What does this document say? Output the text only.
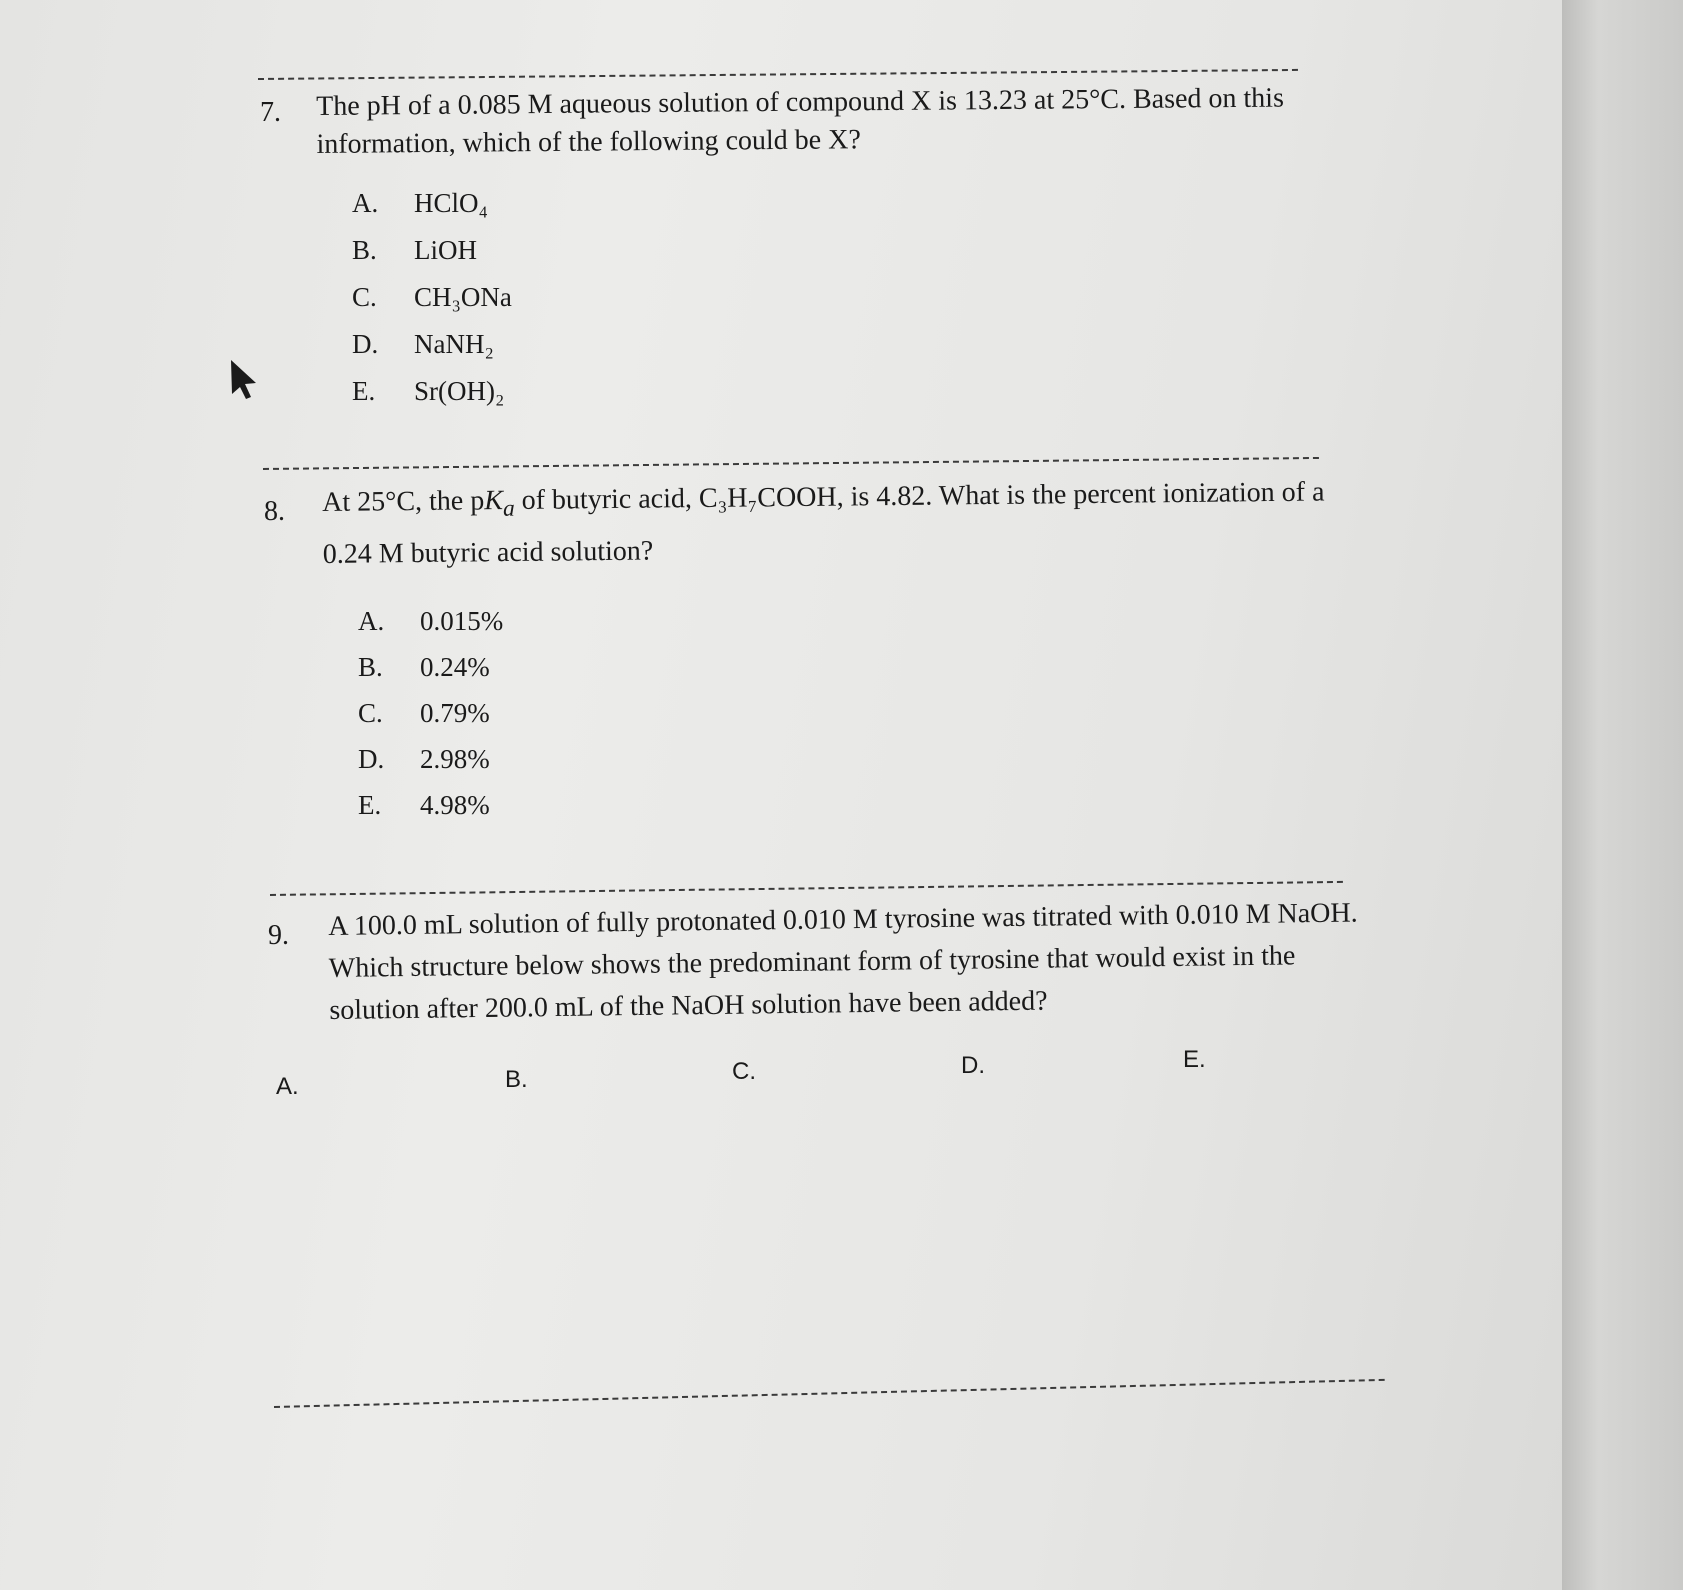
7. The pH of a 0.085 M aqueous solution of compound X is 13.23 at 25°C. Based on this
information, which of the following could be X?
A. HClO₄
B. LiOH
C. CH₃ONa
D. NaNH₂
E. Sr(OH)₂
8. At 25°C, the $pK_a$ of butyric acid, C₃H₇COOH, is 4.82. What is the percent ionization of a
0.24 M butyric acid solution?
A. 0.015%
B. 0.24%
C. 0.79%
D. 2.98%
E. 4.98%
9. A 100.0 mL solution of fully protonated 0.010 M tyrosine was titrated with 0.010 M NaOH.
Which structure below shows the predominant form of tyrosine that would exist in the
solution after 200.0 mL of the NaOH solution have been added?
A.	B.	C.	D.	E.
